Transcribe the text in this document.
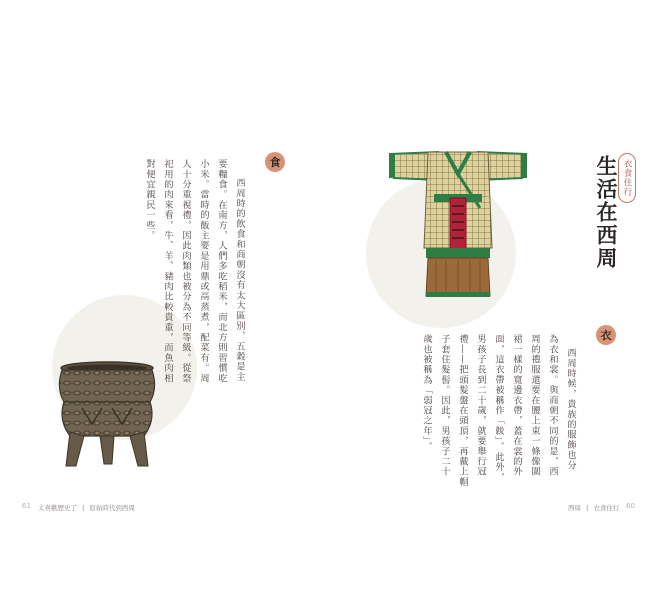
食
西周時的飲食和商朝沒有太大區別，五穀是主
要糧食。在南方，人們多吃稻米，而北方則習慣吃
小米。當時的飯主要是用鼎或鬲蒸煮，配菜有。周
人十分重視禮，因此肉類也被分為不同等級。從祭
祀用的肉來看，牛、羊、豬肉比較貴重，而魚肉相
對便宜親民一些。
61 太喜歡歷史了 | 原始時代到西周
衣食住行
生活在西周
衣
西周時候，貴族的服飾也分
為衣和裳。與商朝不同的是，西
周的禮服還要在腰上束一條像圍
裙一樣的寬邊衣帶，蓋在裳的外
面，這衣帶被稱作「韍」。此外，
男孩子長到二十歲，就要舉行冠
禮——把頭髮盤在頭頂，再戴上帽
子套住髮髻。因此，男孩子二十
歲也被稱為「弱冠之年」。
西周 | 衣食住行 60
